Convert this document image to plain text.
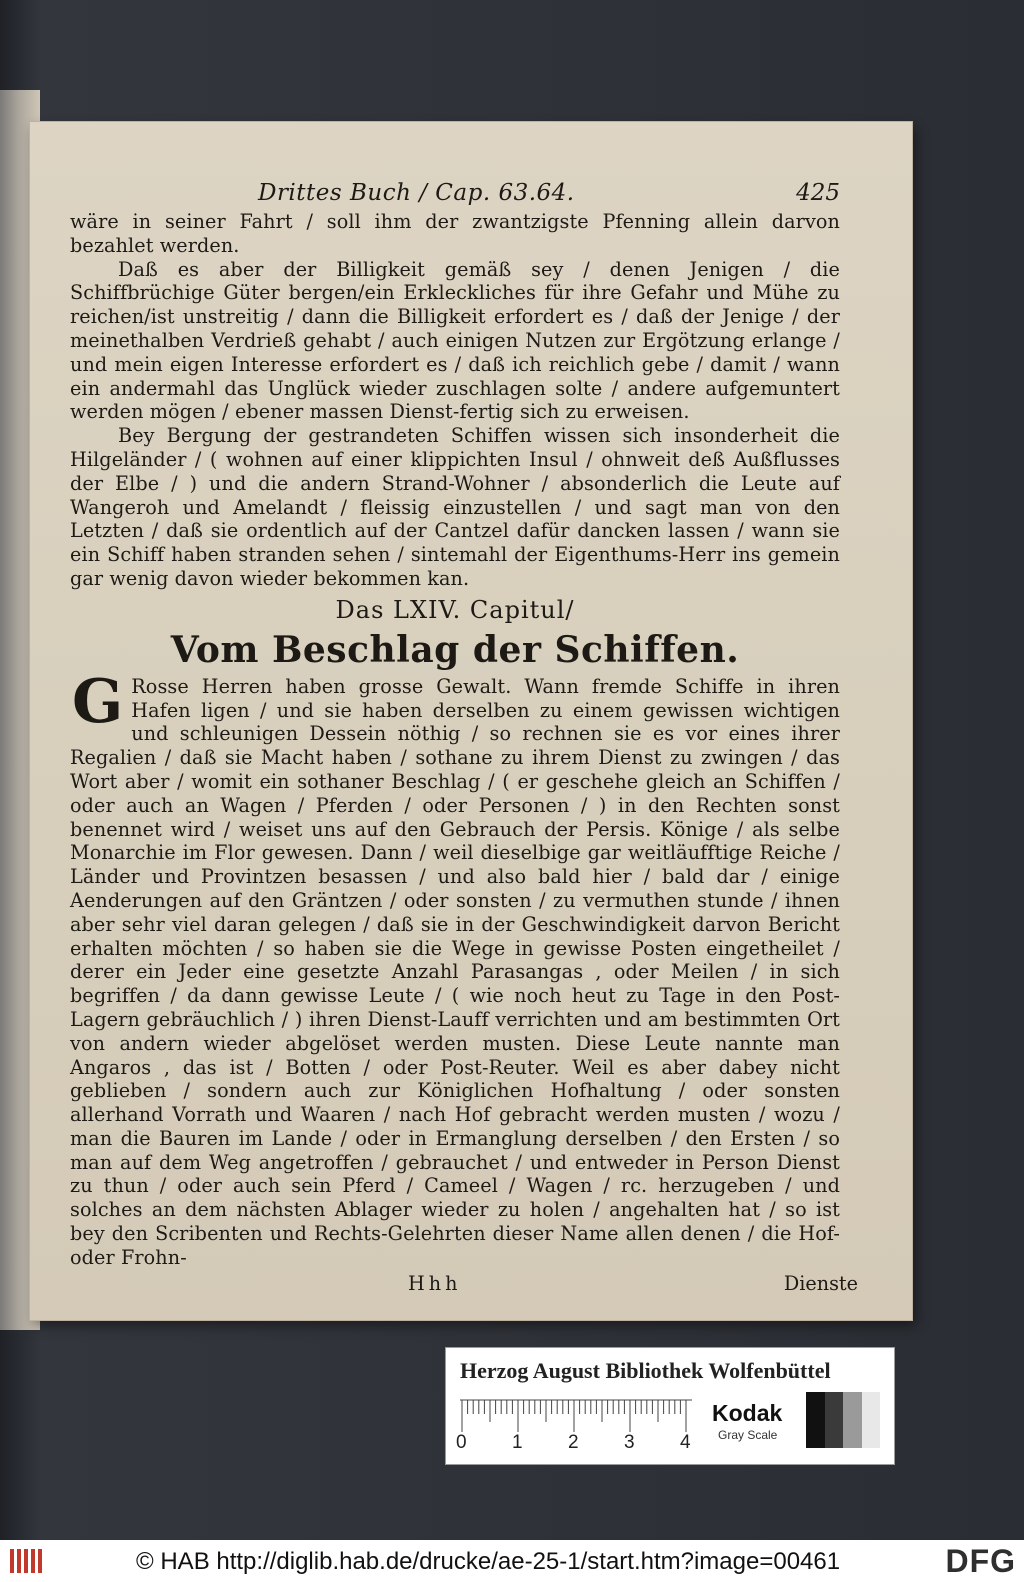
Drittes Buch / Cap. 63.64.	425

wäre in seiner Fahrt / soll ihm der zwantzigste Pfenning allein darvon bezahlet werden.

Daß es aber der Billigkeit gemäß sey / denen Jenigen / die Schiffbrüchige Güter bergen/ein Erkleckliches für ihre Gefahr und Mühe zu reichen/ist unstreitig / dann die Billigkeit erfordert es / daß der Jenige / der meinethalben Verdrieß gehabt / auch einigen Nutzen zur Ergötzung erlange / und mein eigen Interesse erfordert es / daß ich reichlich gebe / damit / wann ein andermahl das Unglück wieder zuschlagen solte / andere aufgemuntert werden mögen / ebener massen Dienst-fertig sich zu erweisen.

Bey Bergung der gestrandeten Schiffen wissen sich insonderheit die Hilgeländer / ( wohnen auf einer klippichten Insul / ohnweit deß Außflusses der Elbe / ) und die andern Strand-Wohner / absonderlich die Leute auf Wangeroh und Amelandt / fleissig einzustellen / und sagt man von den Letzten / daß sie ordentlich auf der Cantzel dafür dancken lassen / wann sie ein Schiff haben stranden sehen / sintemahl der Eigenthums-Herr ins gemein gar wenig davon wieder bekommen kan.

Das LXIV. Capitul/
Vom Beschlag der Schiffen.
G Rosse Herren haben grosse Gewalt. Wann fremde Schiffe in ihren Hafen ligen / und sie haben derselben zu einem gewissen wichtigen und schleunigen Dessein nöthig / so rechnen sie es vor eines ihrer Regalien / daß sie Macht haben / sothane zu ihrem Dienst zu zwingen / das Wort aber / womit ein sothaner Beschlag / ( er geschehe gleich an Schiffen / oder auch an Wagen / Pferden / oder Personen / ) in den Rechten sonst benennet wird / weiset uns auf den Gebrauch der Persis. Könige / als selbe Monarchie im Flor gewesen. Dann / weil dieselbige gar weitläufftige Reiche / Länder und Provintzen besassen / und also bald hier / bald dar / einige Aenderungen auf den Gräntzen / oder sonsten / zu vermuthen stunde / ihnen aber sehr viel daran gelegen / daß sie in der Geschwindigkeit darvon Bericht erhalten möchten / so haben sie die Wege in gewisse Posten eingetheilet / derer ein Jeder eine gesetzte Anzahl Parasangas , oder Meilen / in sich begriffen / da dann gewisse Leute / ( wie noch heut zu Tage in den Post-Lagern gebräuchlich / ) ihren Dienst-Lauff verrichten und am bestimmten Ort von andern wieder abgelöset werden musten. Diese Leute nannte man Angaros , das ist / Botten / oder Post-Reuter. Weil es aber dabey nicht geblieben / sondern auch zur Königlichen Hofhaltung / oder sonsten allerhand Vorrath und Waaren / nach Hof gebracht werden musten / wozu / man die Bauren im Lande / oder in Ermanglung derselben / den Ersten / so man auf dem Weg angetroffen / gebrauchet / und entweder in Person Dienst zu thun / oder auch sein Pferd / Cameel / Wagen / rc. herzugeben / und solches an dem nächsten Ablager wieder zu holen / angehalten hat / so ist bey den Scribenten und Rechts-Gelehrten dieser Name allen denen / die Hof- oder Frohn-

Hhh	Dienste
Herzog August Bibliothek Wolfenbüttel
0 1 2 3 4
Kodak
Gray Scale
© HAB http://diglib.hab.de/drucke/ae-25-1/start.htm?image=00461	DFG
